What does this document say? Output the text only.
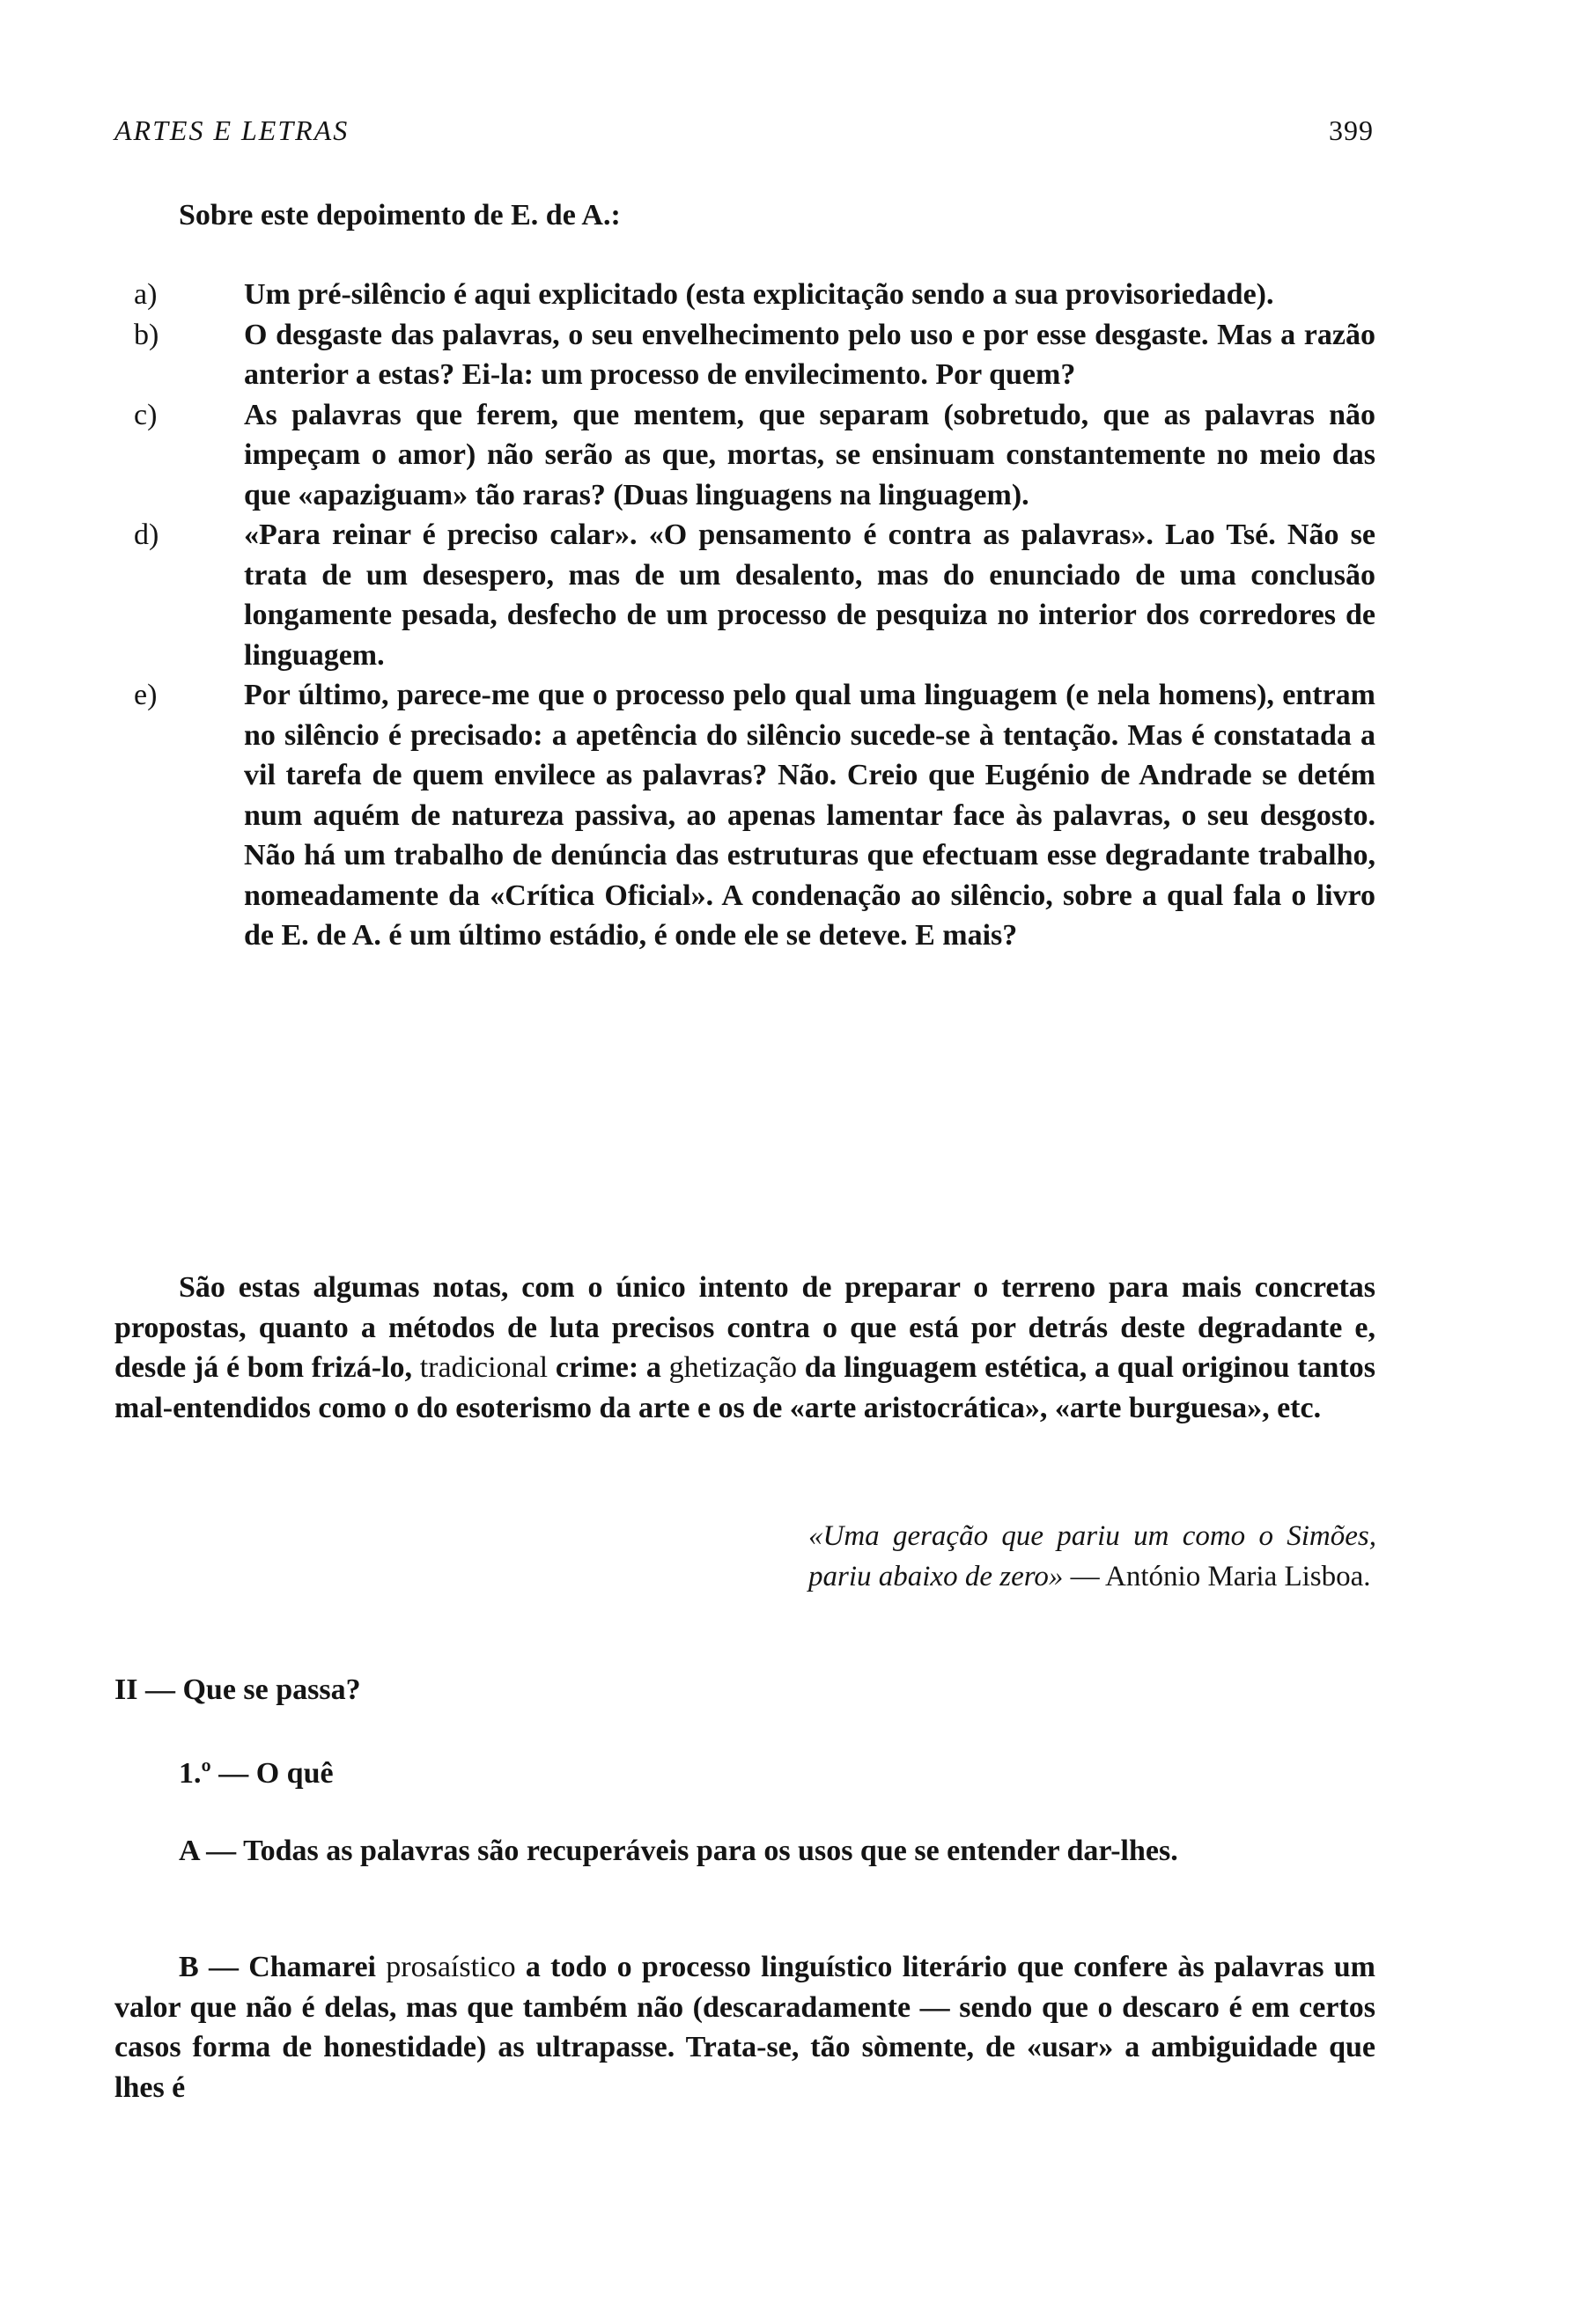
ARTES E LETRAS	399
Sobre este depoimento de E. de A.:
a)	Um pré-silêncio é aqui explicitado (esta explicitação sendo a sua provisoriedade).
b)	O desgaste das palavras, o seu envelhecimento pelo uso e por esse desgaste. Mas a razão anterior a estas? Ei-la: um processo de envilecimento. Por quem?
c)	As palavras que ferem, que mentem, que separam (sobretudo, que as palavras não impeçam o amor) não serão as que, mortas, se ensinuam constantemente no meio das que «apaziguam» tão raras? (Duas linguagens na linguagem).
d)	«Para reinar é preciso calar». «O pensamento é contra as palavras». Lao Tsé. Não se trata de um desespero, mas de um desalento, mas do enunciado de uma conclusão longamente pesada, desfecho de um processo de pesquiza no interior dos corredores de linguagem.
e)	Por último, parece-me que o processo pelo qual uma linguagem (e nela homens), entram no silêncio é precisado: a apetência do silêncio sucede-se à tentação. Mas é constatada a vil tarefa de quem envilece as palavras? Não. Creio que Eugénio de Andrade se detém num aquém de natureza passiva, ao apenas lamentar face às palavras, o seu desgosto. Não há um trabalho de denúncia das estruturas que efectuam esse degradante trabalho, nomeadamente da «Crítica Oficial». A condenação ao silêncio, sobre a qual fala o livro de E. de A. é um último estádio, é onde ele se deteve. E mais?
São estas algumas notas, com o único intento de preparar o terreno para mais concretas propostas, quanto a métodos de luta precisos contra o que está por detrás deste degradante e, desde já é bom frizá-lo, tradicional crime: a ghetização da linguagem estética, a qual originou tantos mal-entendidos como o do esoterismo da arte e os de «arte aristocrática», «arte burguesa», etc.
«Uma geração que pariu um como o Simões, pariu abaixo de zero» — António Maria Lisboa.
II — Que se passa?
1.º — O quê
A — Todas as palavras são recuperáveis para os usos que se entender dar-lhes.
B — Chamarei prosaístico a todo o processo linguístico literário que confere às palavras um valor que não é delas, mas que também não (descaradamente — sendo que o descaro é em certos casos forma de honestidade) as ultrapasse. Trata-se, tão sòmente, de «usar» a ambiguidade que lhes é
